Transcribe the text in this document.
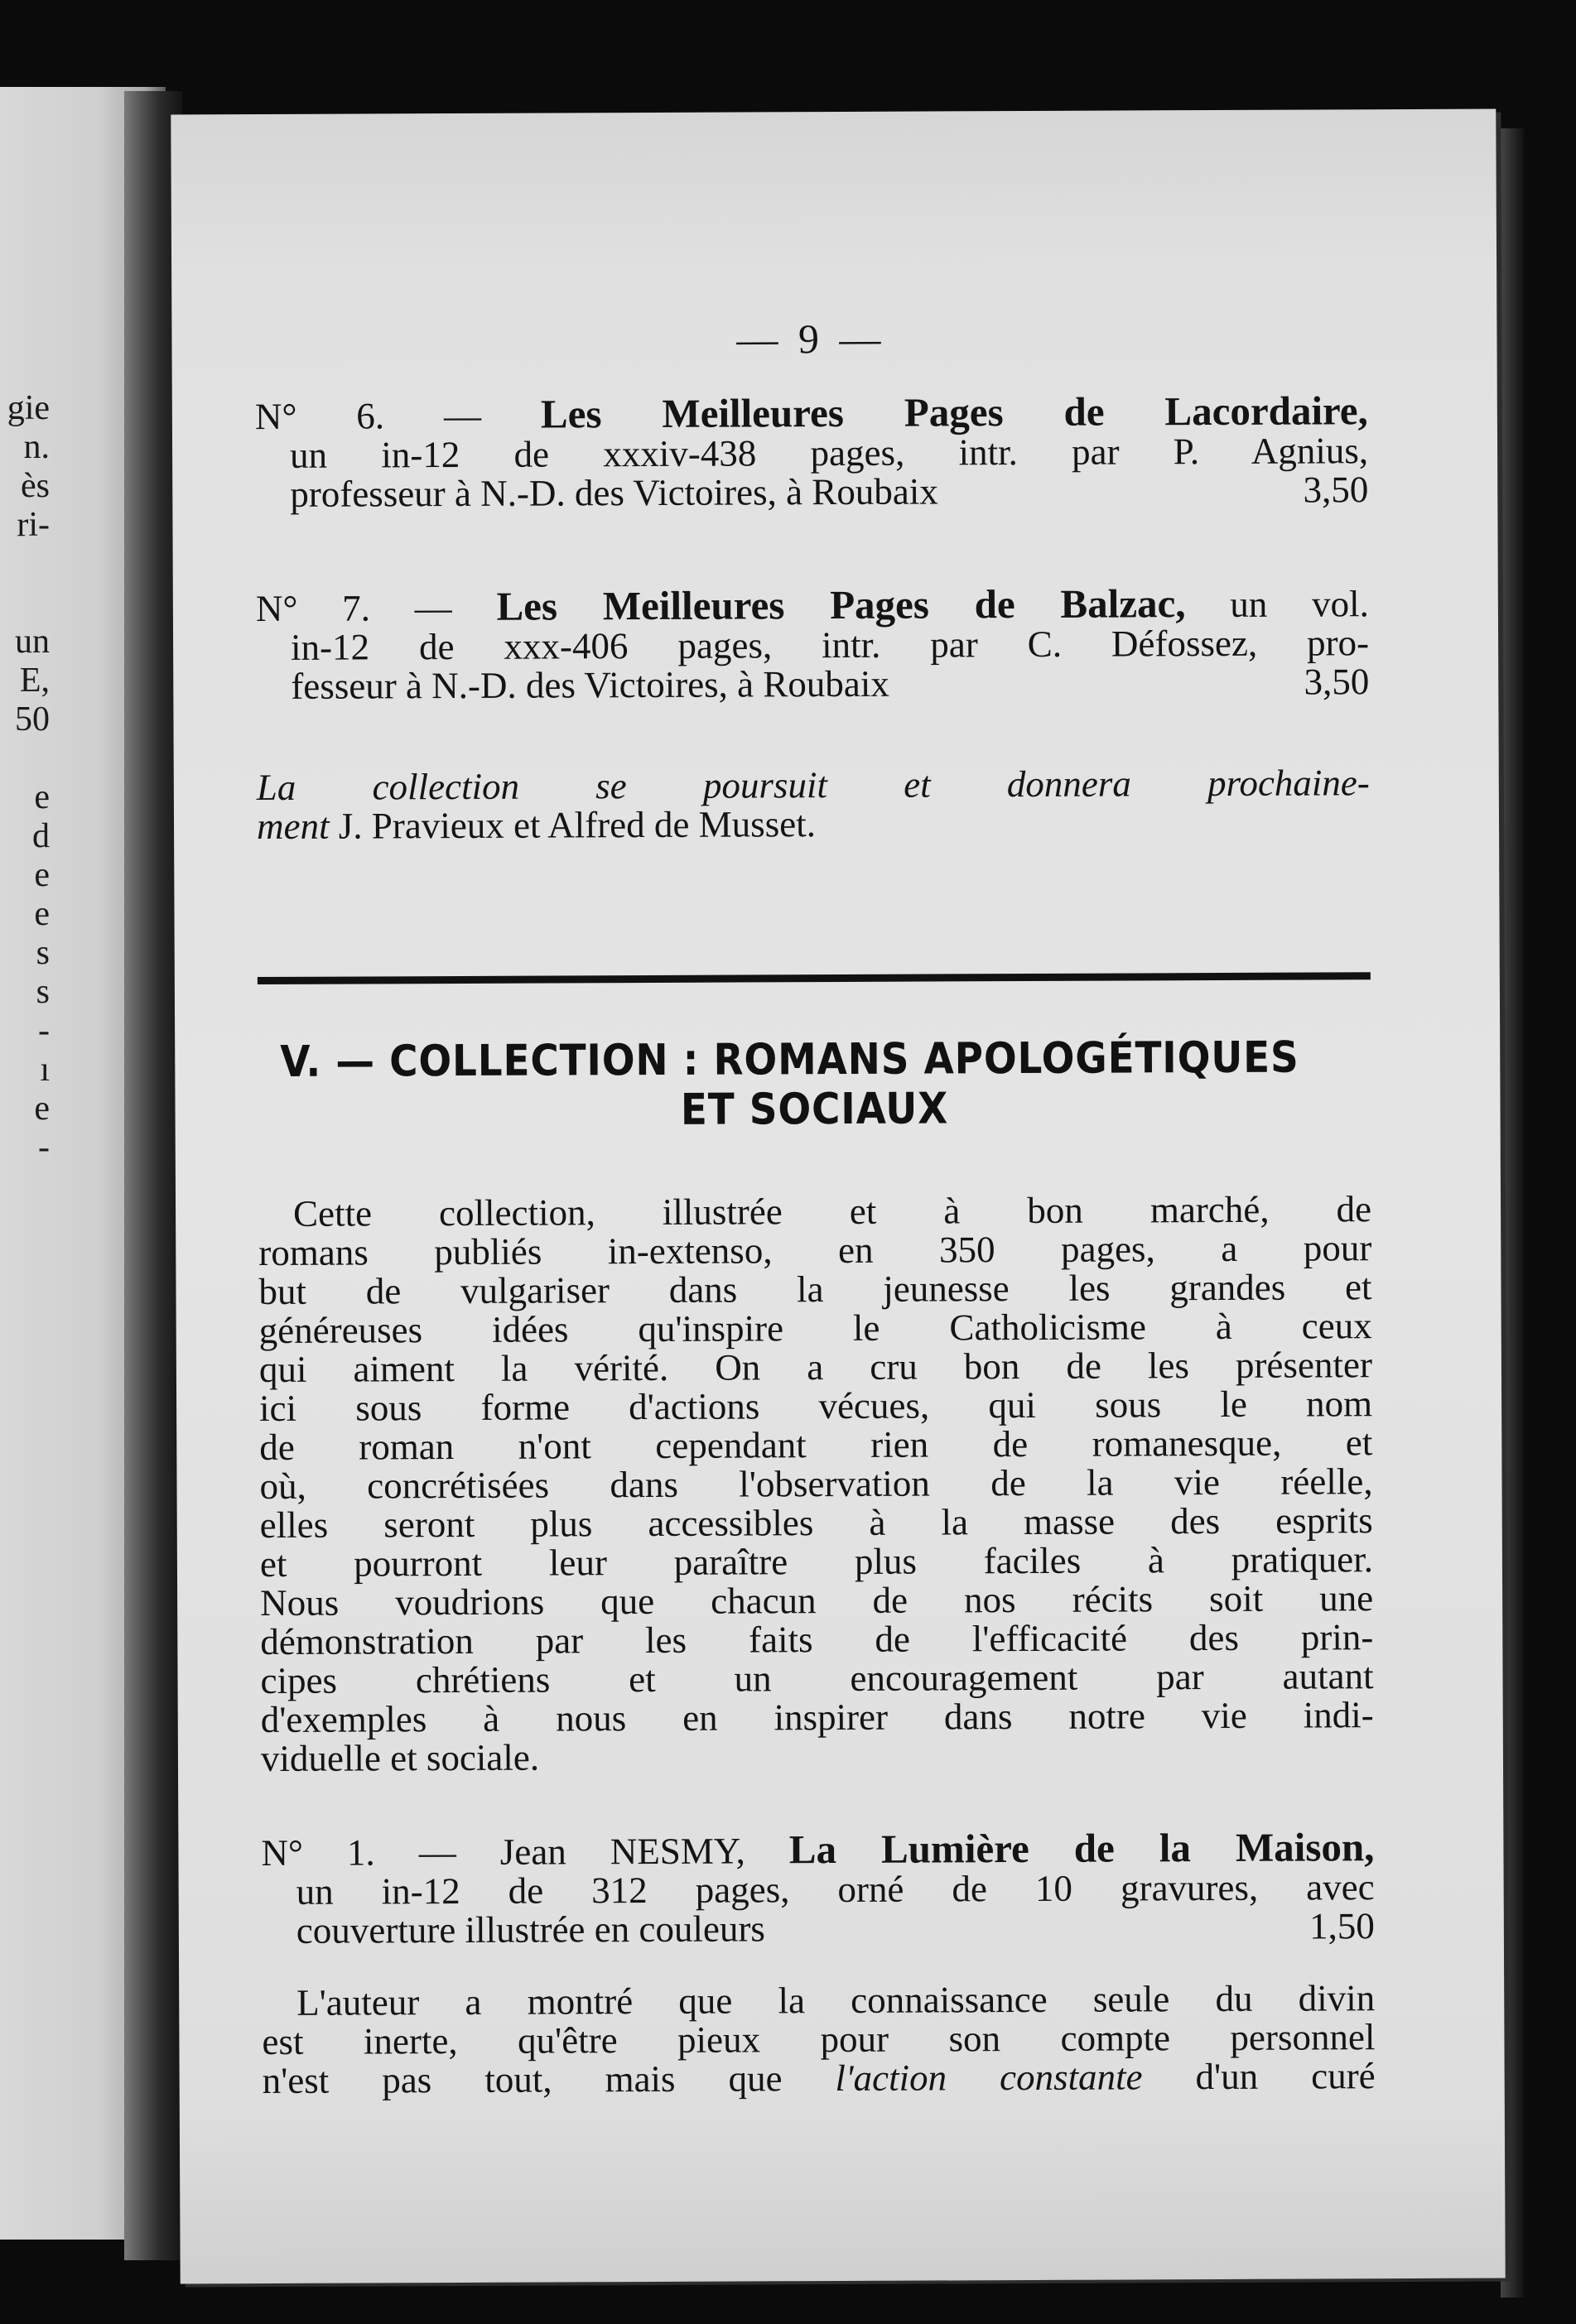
gie
n.
ès
ri-
un
E,
50
e
d
e
e
s
s
-
ı
e
-
— 9 —
N° 6. — Les Meilleures Pages de Lacordaire,
un in-12 de xxxiv-438 pages, intr. par P. Agnius,
professeur à N.-D. des Victoires, à Roubaix	3,50
N° 7. — Les Meilleures Pages de Balzac, un vol.
in-12 de xxx-406 pages, intr. par C. Défossez, pro-
fesseur à N.-D. des Victoires, à Roubaix	3,50
La collection se poursuit et donnera prochaine-
ment J. Pravieux et Alfred de Musset.
V. — COLLECTION : ROMANS APOLOGÉTIQUES
ET SOCIAUX
Cette collection, illustrée et à bon marché, de
romans publiés in-extenso, en 350 pages, a pour
but de vulgariser dans la jeunesse les grandes et
généreuses idées qu'inspire le Catholicisme à ceux
qui aiment la vérité. On a cru bon de les présenter
ici sous forme d'actions vécues, qui sous le nom
de roman n'ont cependant rien de romanesque, et
où, concrétisées dans l'observation de la vie réelle,
elles seront plus accessibles à la masse des esprits
et pourront leur paraître plus faciles à pratiquer.
Nous voudrions que chacun de nos récits soit une
démonstration par les faits de l'efficacité des prin-
cipes chrétiens et un encouragement par autant
d'exemples à nous en inspirer dans notre vie indi-
viduelle et sociale.
N° 1. — Jean NESMY, La Lumière de la Maison,
un in-12 de 312 pages, orné de 10 gravures, avec
couverture illustrée en couleurs	1,50
L'auteur a montré que la connaissance seule du divin
est inerte, qu'être pieux pour son compte personnel
n'est pas tout, mais que l'action constante d'un curé
